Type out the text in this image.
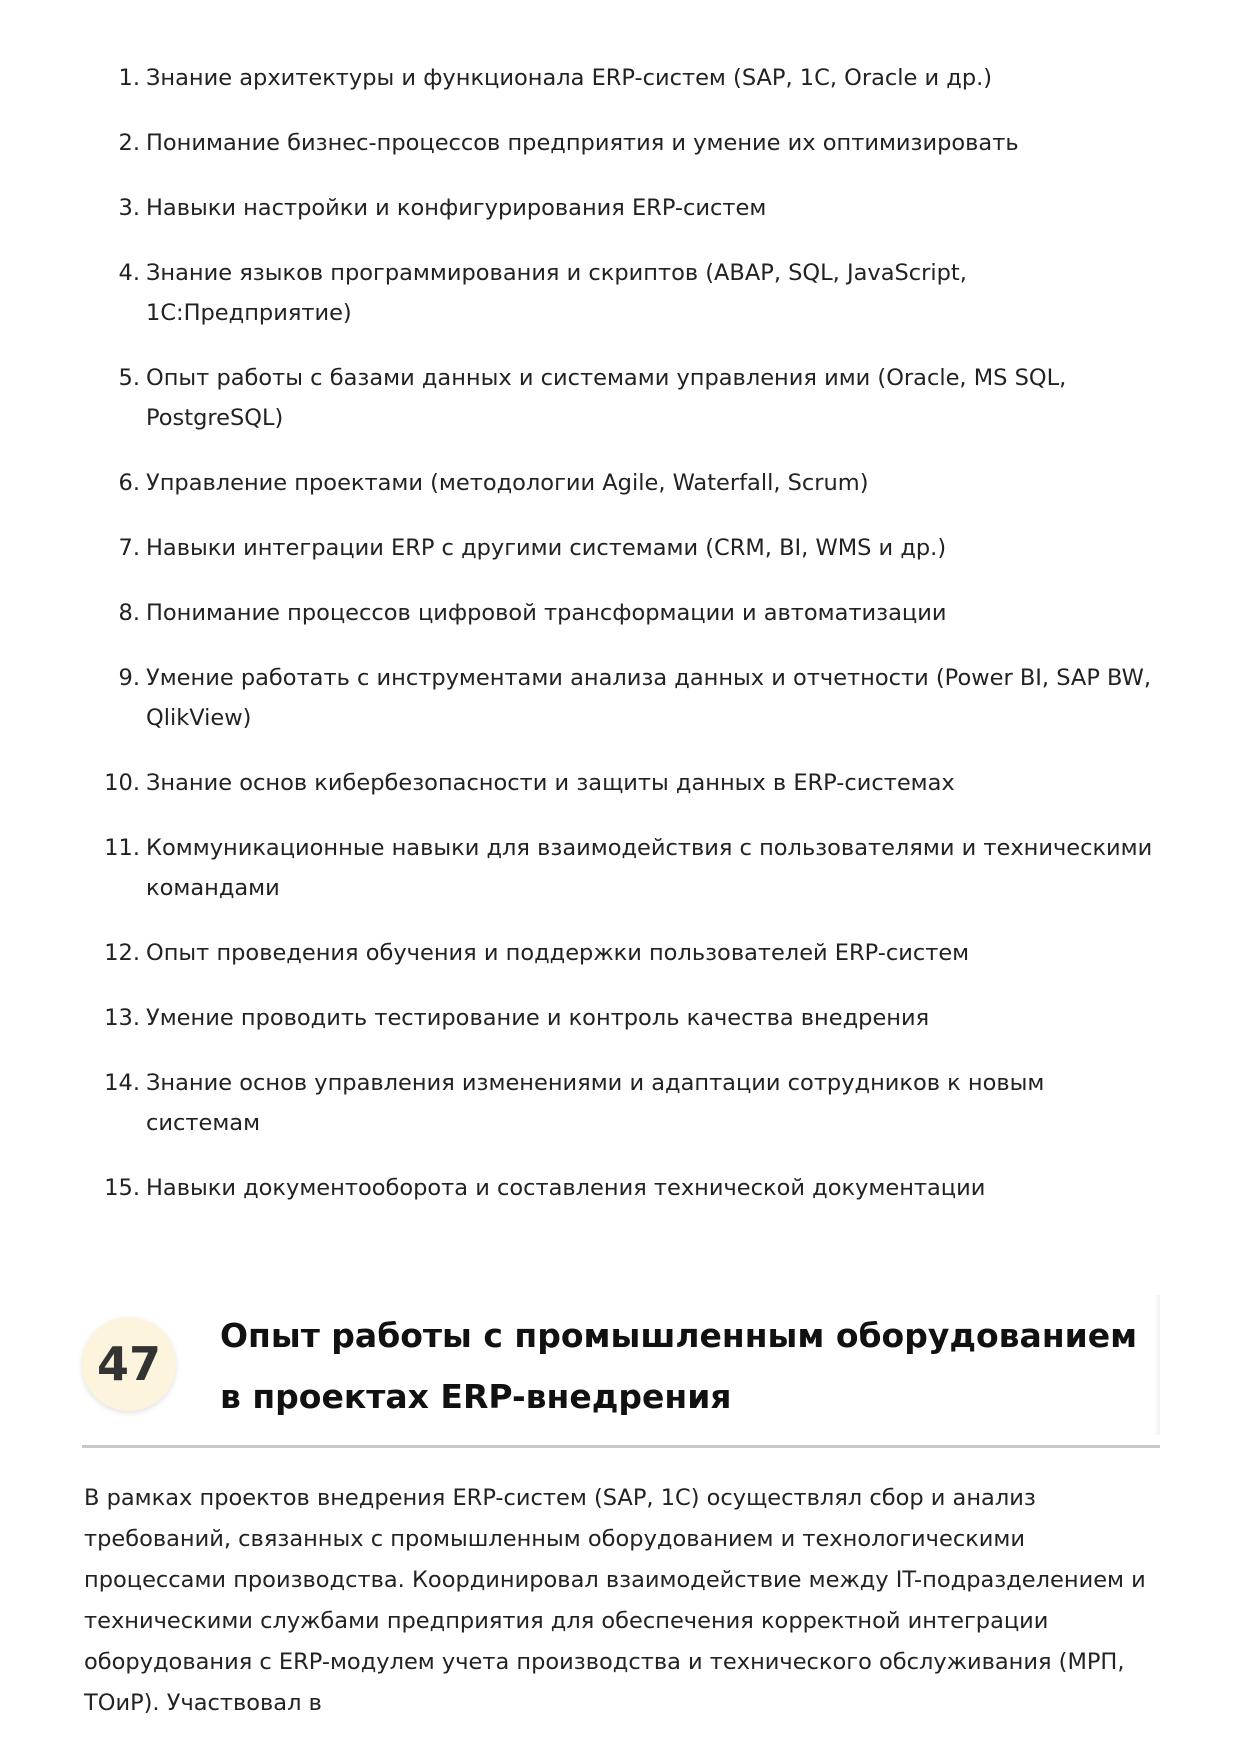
1. Знание архитектуры и функционала ERP-систем (SAP, 1С, Oracle и др.)
2. Понимание бизнес-процессов предприятия и умение их оптимизировать
3. Навыки настройки и конфигурирования ERP-систем
4. Знание языков программирования и скриптов (ABAP, SQL, JavaScript, 1С:Предприятие)
5. Опыт работы с базами данных и системами управления ими (Oracle, MS SQL, PostgreSQL)
6. Управление проектами (методологии Agile, Waterfall, Scrum)
7. Навыки интеграции ERP с другими системами (CRM, BI, WMS и др.)
8. Понимание процессов цифровой трансформации и автоматизации
9. Умение работать с инструментами анализа данных и отчетности (Power BI, SAP BW, QlikView)
10. Знание основ кибербезопасности и защиты данных в ERP-системах
11. Коммуникационные навыки для взаимодействия с пользователями и техническими командами
12. Опыт проведения обучения и поддержки пользователей ERP-систем
13. Умение проводить тестирование и контроль качества внедрения
14. Знание основ управления изменениями и адаптации сотрудников к новым системам
15. Навыки документооборота и составления технической документации
47
Опыт работы с промышленным оборудованием в проектах ERP-внедрения

В рамках проектов внедрения ERP-систем (SAP, 1С) осуществлял сбор и анализ требований, связанных с промышленным оборудованием и технологическими процессами производства. Координировал взаимодействие между IT-подразделением и техническими службами предприятия для обеспечения корректной интеграции оборудования с ERP-модулем учета производства и технического обслуживания (МРП, ТОиР). Участвовал в
